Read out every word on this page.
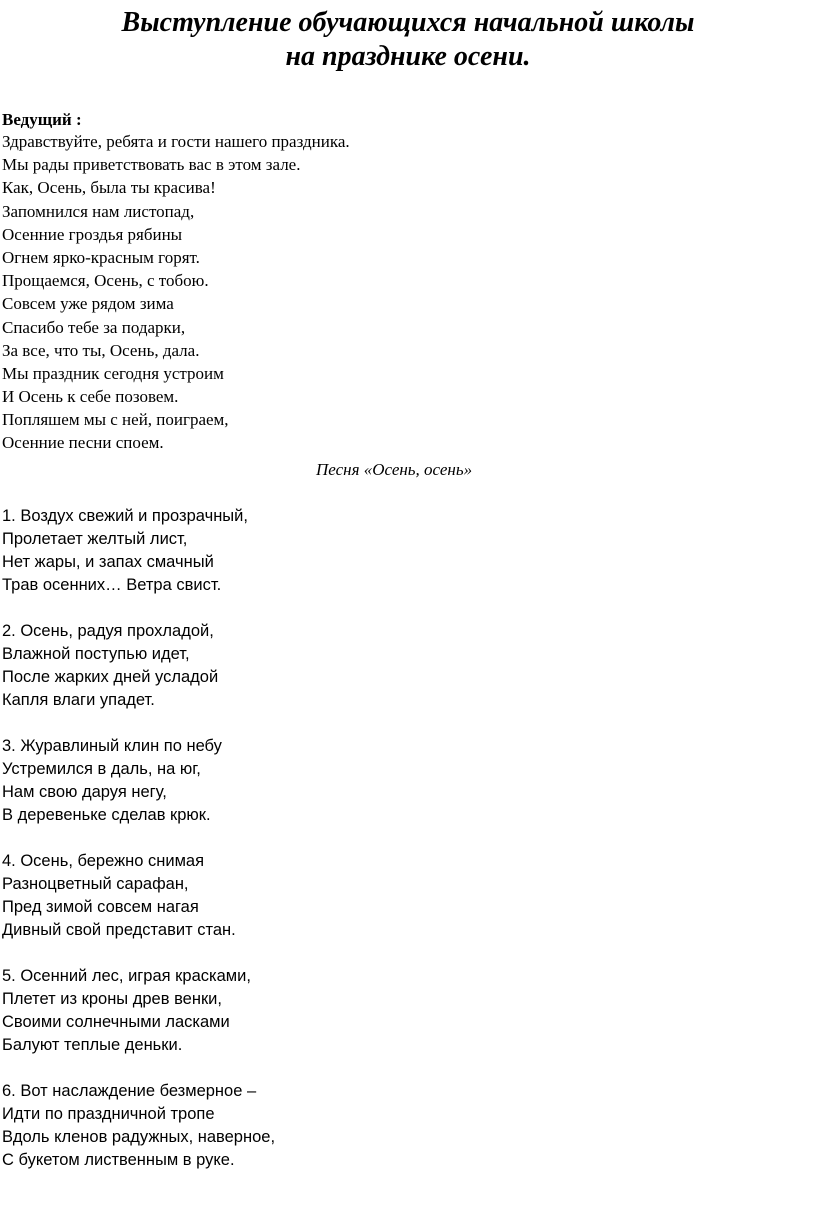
Выступление обучающихся начальной школы
на празднике осени.
Ведущий :
Здравствуйте, ребята и гости нашего праздника.
Мы рады приветствовать вас в этом зале.
Как, Осень, была ты красива!
Запомнился нам листопад,
Осенние гроздья рябины
Огнем ярко-красным горят.
Прощаемся, Осень, с тобою.
Совсем уже рядом зима
Спасибо тебе за подарки,
За все, что ты, Осень, дала.
Мы праздник сегодня устроим
И Осень к себе позовем.
Попляшем мы с ней, поиграем,
Осенние песни споем.
Песня «Осень, осень»
1. Воздух свежий и прозрачный,
Пролетает желтый лист,
Нет жары, и запах смачный
Трав осенних… Ветра свист.
2. Осень, радуя прохладой,
Влажной поступью идет,
После жарких дней усладой
Капля влаги упадет.
3. Журавлиный клин по небу
Устремился в даль, на юг,
Нам свою даруя негу,
В деревеньке сделав крюк.
4. Осень, бережно снимая
Разноцветный сарафан,
Пред зимой совсем нагая
Дивный свой представит стан.
5. Осенний лес, играя красками,
Плетет из кроны древ венки,
Своими солнечными ласками
Балуют теплые деньки.
6. Вот наслаждение безмерное –
Идти по праздничной тропе
Вдоль кленов радужных, наверное,
С букетом лиственным в руке.
